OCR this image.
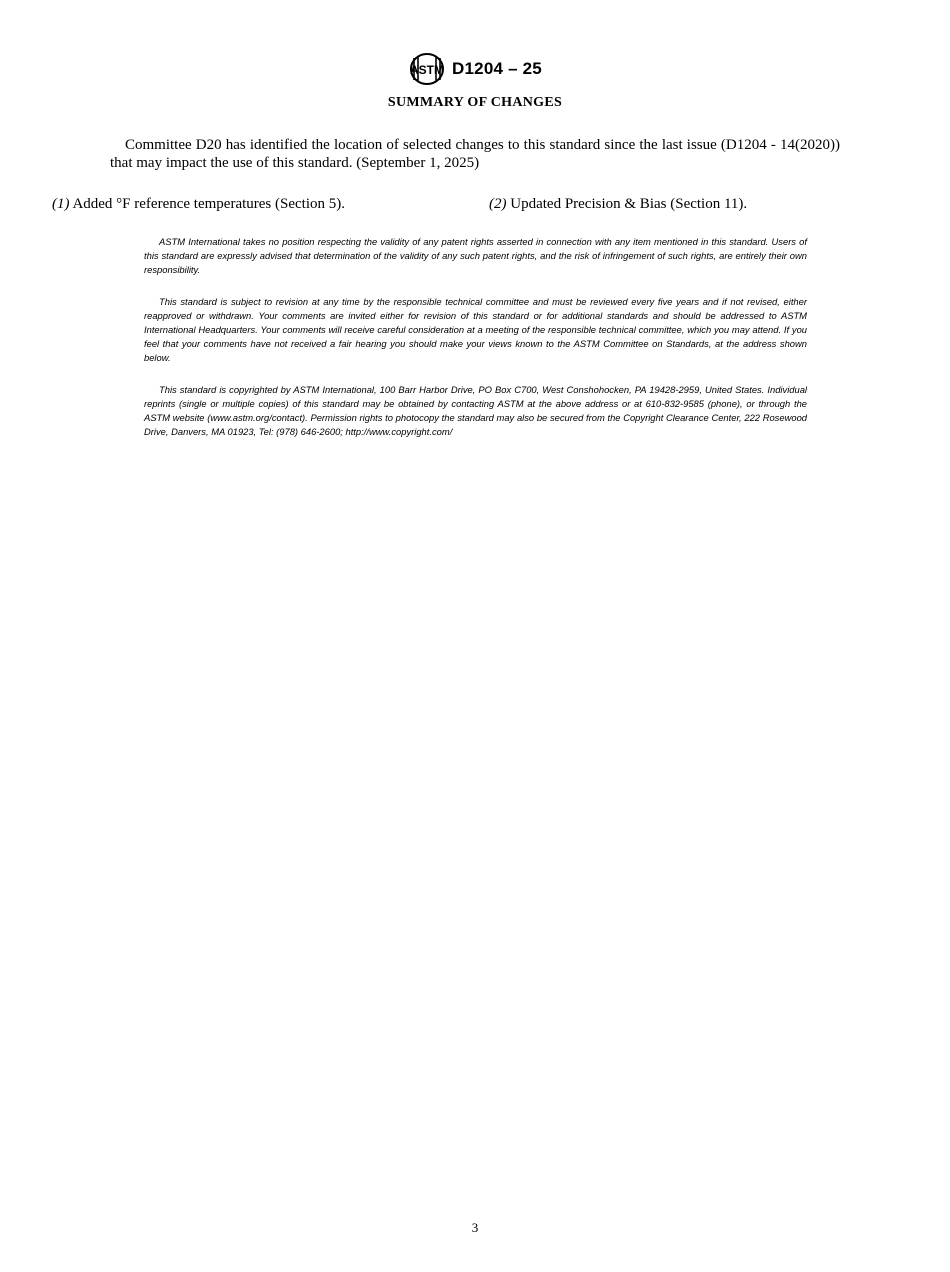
ASTM D1204 – 25
SUMMARY OF CHANGES

Committee D20 has identified the location of selected changes to this standard since the last issue (D1204 - 14(2020)) that may impact the use of this standard. (September 1, 2025)

(1) Added °F reference temperatures (Section 5).	(2) Updated Precision & Bias (Section 11).

ASTM International takes no position respecting the validity of any patent rights asserted in connection with any item mentioned in this standard. Users of this standard are expressly advised that determination of the validity of any such patent rights, and the risk of infringement of such rights, are entirely their own responsibility.

This standard is subject to revision at any time by the responsible technical committee and must be reviewed every five years and if not revised, either reapproved or withdrawn. Your comments are invited either for revision of this standard or for additional standards and should be addressed to ASTM International Headquarters. Your comments will receive careful consideration at a meeting of the responsible technical committee, which you may attend. If you feel that your comments have not received a fair hearing you should make your views known to the ASTM Committee on Standards, at the address shown below.

This standard is copyrighted by ASTM International, 100 Barr Harbor Drive, PO Box C700, West Conshohocken, PA 19428-2959, United States. Individual reprints (single or multiple copies) of this standard may be obtained by contacting ASTM at the above address or at 610-832-9585 (phone), or through the ASTM website (www.astm.org/contact). Permission rights to photocopy the standard may also be secured from the Copyright Clearance Center, 222 Rosewood Drive, Danvers, MA 01923, Tel: (978) 646-2600; http://www.copyright.com/

3
